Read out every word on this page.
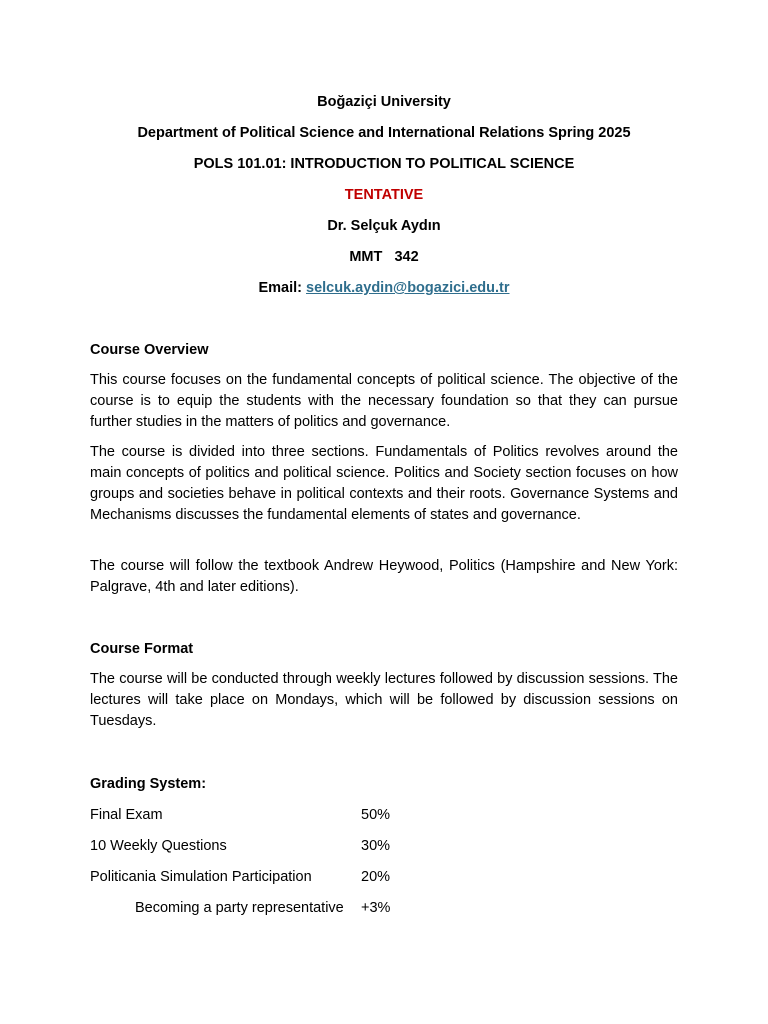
Boğaziçi University
Department of Political Science and International Relations Spring 2025
POLS 101.01: INTRODUCTION TO POLITICAL SCIENCE
TENTATIVE
Dr. Selçuk Aydın
MMT   342
Email: selcuk.aydin@bogazici.edu.tr
Course Overview
This course focuses on the fundamental concepts of political science. The objective of the course is to equip the students with the necessary foundation so that they can pursue further studies in the matters of politics and governance.
The course is divided into three sections. Fundamentals of Politics revolves around the main concepts of politics and political science. Politics and Society section focuses on how groups and societies behave in political contexts and their roots. Governance Systems and Mechanisms discusses the fundamental elements of states and governance.
The course will follow the textbook Andrew Heywood, Politics (Hampshire and New York: Palgrave, 4th and later editions).
Course Format
The course will be conducted through weekly lectures followed by discussion sessions. The lectures will take place on Mondays, which will be followed by discussion sessions on Tuesdays.
Grading System:
Final Exam	50%
10 Weekly Questions	30%
Politicania Simulation Participation	20%
Becoming a party representative +3%
